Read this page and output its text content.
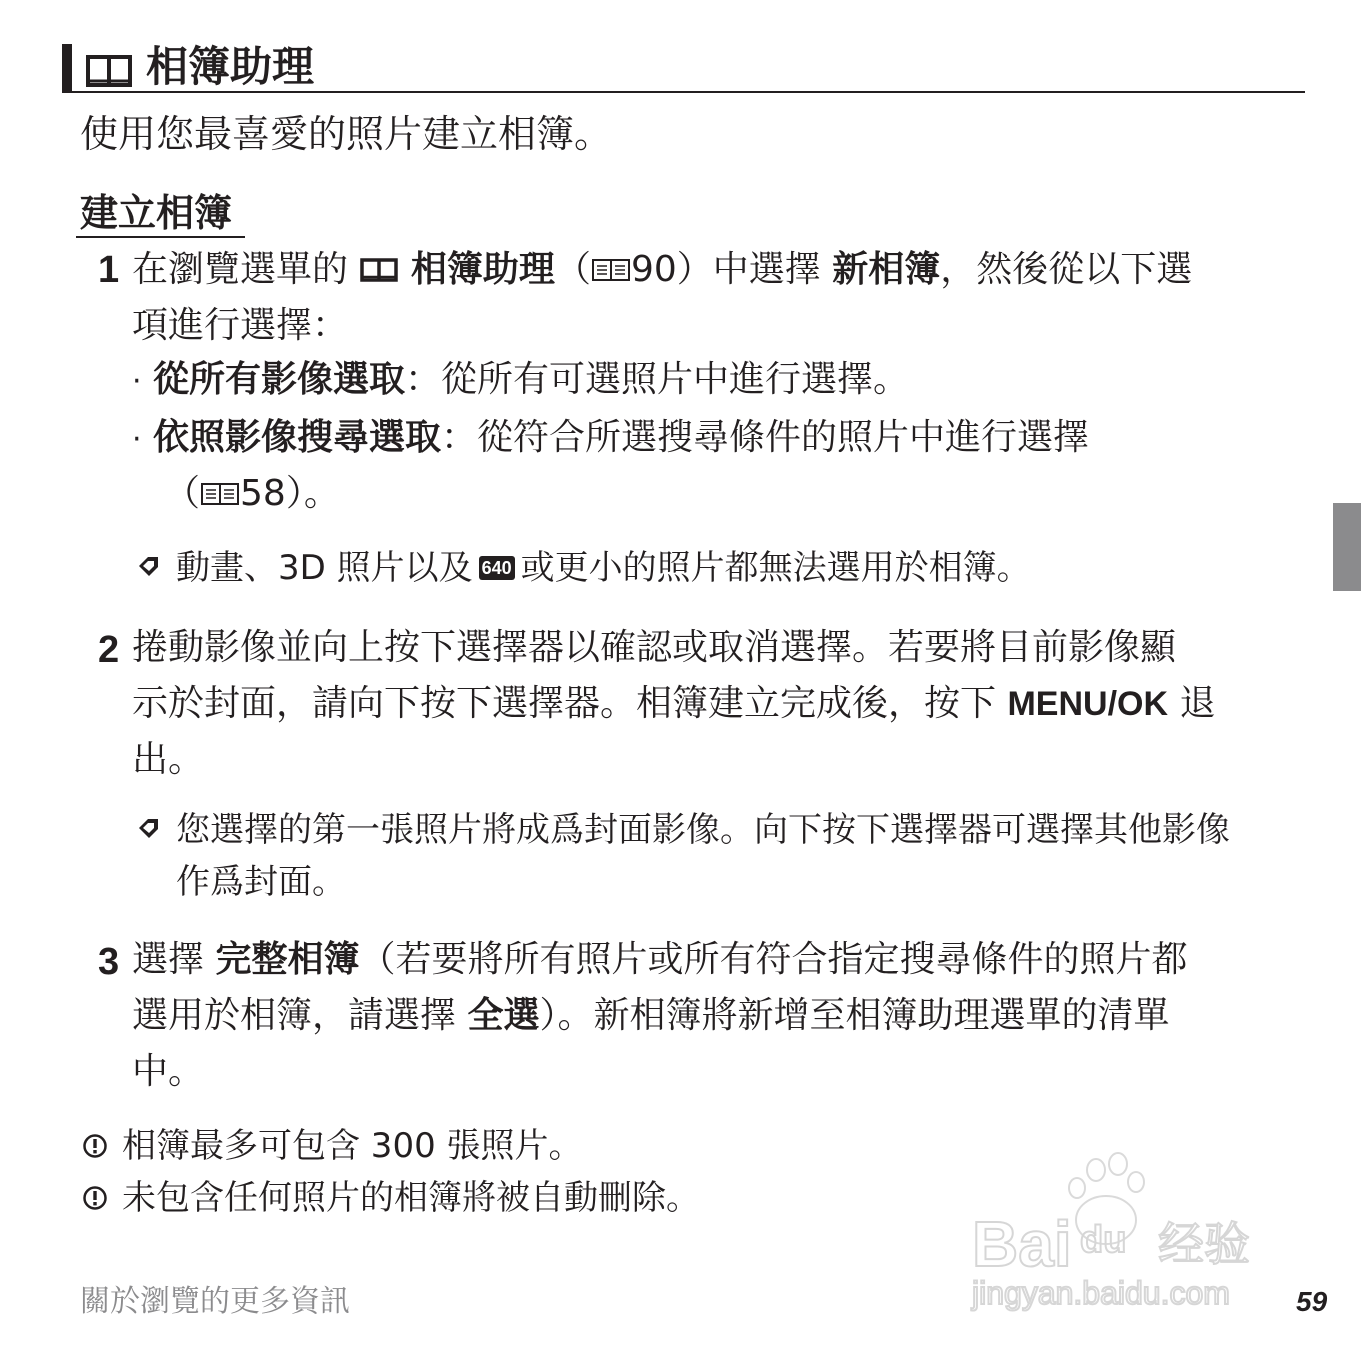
相簿助理
使用您最喜愛的照片建立相簿。
建立相簿
1 在瀏覽選單的 相簿助理（ 90）中選擇 新相簿，然後從以下選
項進行選擇：
· 從所有影像選取：從所有可選照片中進行選擇。
· 依照影像搜尋選取：從符合所選搜尋條件的照片中進行選擇
（ 58）。
動畫、3D 照片以及 640 或更小的照片都無法選用於相簿。
2 捲動影像並向上按下選擇器以確認或取消選擇。若要將目前影像顯
示於封面，請向下按下選擇器。相簿建立完成後，按下 MENU/OK 退
出。
您選擇的第一張照片將成爲封面影像。向下按下選擇器可選擇其他影像
作爲封面。
3 選擇 完整相簿（若要將所有照片或所有符合指定搜尋條件的照片都
選用於相簿，請選擇 全選）。新相簿將新增至相簿助理選單的清單
中。
相簿最多可包含 300 張照片。
未包含任何照片的相簿將被自動刪除。
Bai du 经验
jingyan.baidu.com
關於瀏覽的更多資訊	59
